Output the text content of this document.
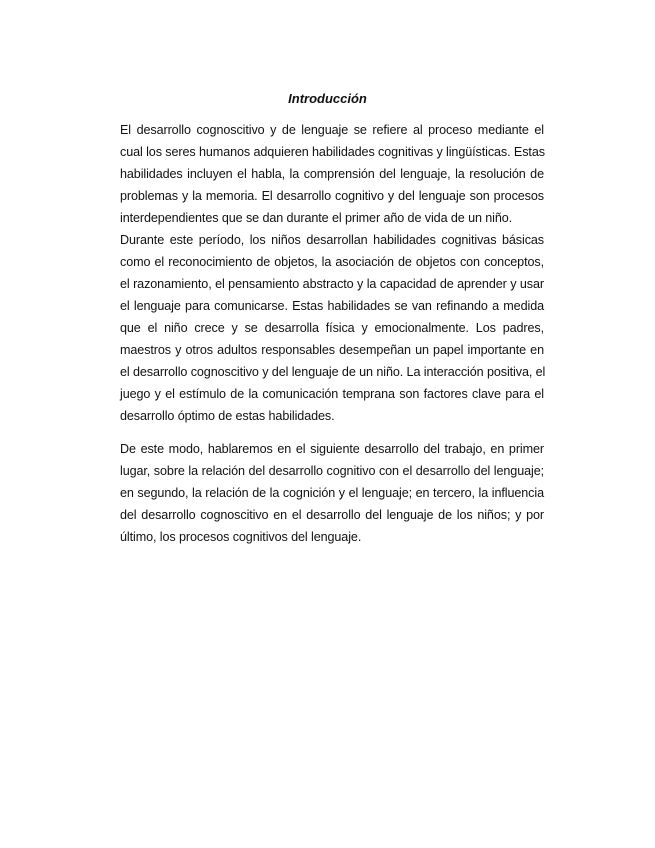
Introducción
El desarrollo cognoscitivo y de lenguaje se refiere al proceso mediante el
cual los seres humanos adquieren habilidades cognitivas y lingüísticas. Estas
habilidades incluyen el habla, la comprensión del lenguaje, la resolución de
problemas y la memoria. El desarrollo cognitivo y del lenguaje son procesos
interdependientes que se dan durante el primer año de vida de un niño.
Durante este período, los niños desarrollan habilidades cognitivas básicas
como el reconocimiento de objetos, la asociación de objetos con conceptos,
el razonamiento, el pensamiento abstracto y la capacidad de aprender y usar
el lenguaje para comunicarse. Estas habilidades se van refinando a medida
que el niño crece y se desarrolla física y emocionalmente. Los padres,
maestros y otros adultos responsables desempeñan un papel importante en
el desarrollo cognoscitivo y del lenguaje de un niño. La interacción positiva, el
juego y el estímulo de la comunicación temprana son factores clave para el
desarrollo óptimo de estas habilidades.
De este modo, hablaremos en el siguiente desarrollo del trabajo, en primer
lugar, sobre la relación del desarrollo cognitivo con el desarrollo del lenguaje;
en segundo, la relación de la cognición y el lenguaje; en tercero, la influencia
del desarrollo cognoscitivo en el desarrollo del lenguaje de los niños; y por
último, los procesos cognitivos del lenguaje.
